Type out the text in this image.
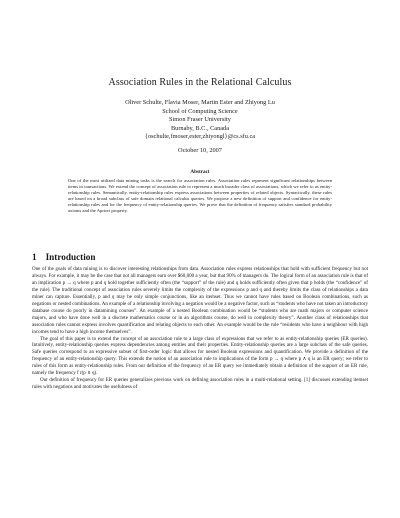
Association Rules in the Relational Calculus
Oliver Schulte, Flavia Moser, Martin Ester and Zhiyong Lu
School of Computing Science
Simon Fraser University
Burnaby, B.C., Canada
{oschulte,fmoser,ester,zhiyongl}@cs.sfu.ca
October 10, 2007
Abstract
One of the most utilized data mining tasks is the search for association rules. Association rules represent significant relationships between items in transactions. We extend the concept of association rule to represent a much broader class of associations, which we refer to as entity-relationship rules. Semantically, entity-relationship rules express associations between properties of related objects. Syntactically, these rules are based on a broad subclass of safe domain relational calculus queries. We propose a new definition of support and confidence for entity-relationship rules and for the frequency of entity-relationship queries. We prove that the definition of frequency satisfies standard probability axioms and the Apriori property.
1 Introduction

One of the goals of data mining is to discover interesting relationships from data. Association rules express relationships that hold with sufficient frequency but not always. For example, it may be the case that not all managers earn over $60,000 a year, but that 90% of managers do. The logical form of an association rule is that of an implication p → q where p and q hold together sufficiently often (the “support” of the rule) and q holds sufficiently often given that p holds (the “confidence” of the rule). The traditional concept of association rules severely limits the complexity of the expressions p and q and thereby limits the class of relationships a data miner can capture. Essentially, p and q may be only simple conjunctions, like an itemset. Thus we cannot have rules based on Boolean combinations, such as negations or nested combinations. An example of a relationship involving a negation would be a negative factor, such as “students who have not taken an introductory database course do poorly in datamining courses”. An example of a nested Boolean combination would be “students who are math majors or computer science majors, and who have done well in a discrete mathematics course or in an algorithms course, do well in complexity theory”. Another class of relationships that association rules cannot express involves quantification and relating objects to each other. An example would be the rule “residents who have a neighbour with high incomes tend to have a high income themselves”.

The goal of this paper is to extend the concept of an association rule to a large class of expressions that we refer to as entity-relationship queries (ER queries). Intuitively, entity-relationship queries express dependencies among entities and their properties. Entity-relationship queries are a large subclass of the safe queries. Safe queries correspond to an expressive subset of first-order logic that allows for nested Boolean expressions and quantification. We provide a definition of the frequency of an entity-relationship query. This extends the notion of an association rule to implications of the form p → q where p ∧ q is an ER query; we refer to rules of this form as entity-relationship rules. From our definition of the frequency of an ER query we immediately obtain a definition of the support of an ER rule, namely the frequency f r(p ∧ q).

Our definition of frequency for ER queries generalizes previous work on defining association rules in a multi-relational setting. [1] discusses extending itemset rules with negations and motivates the usefulness of
